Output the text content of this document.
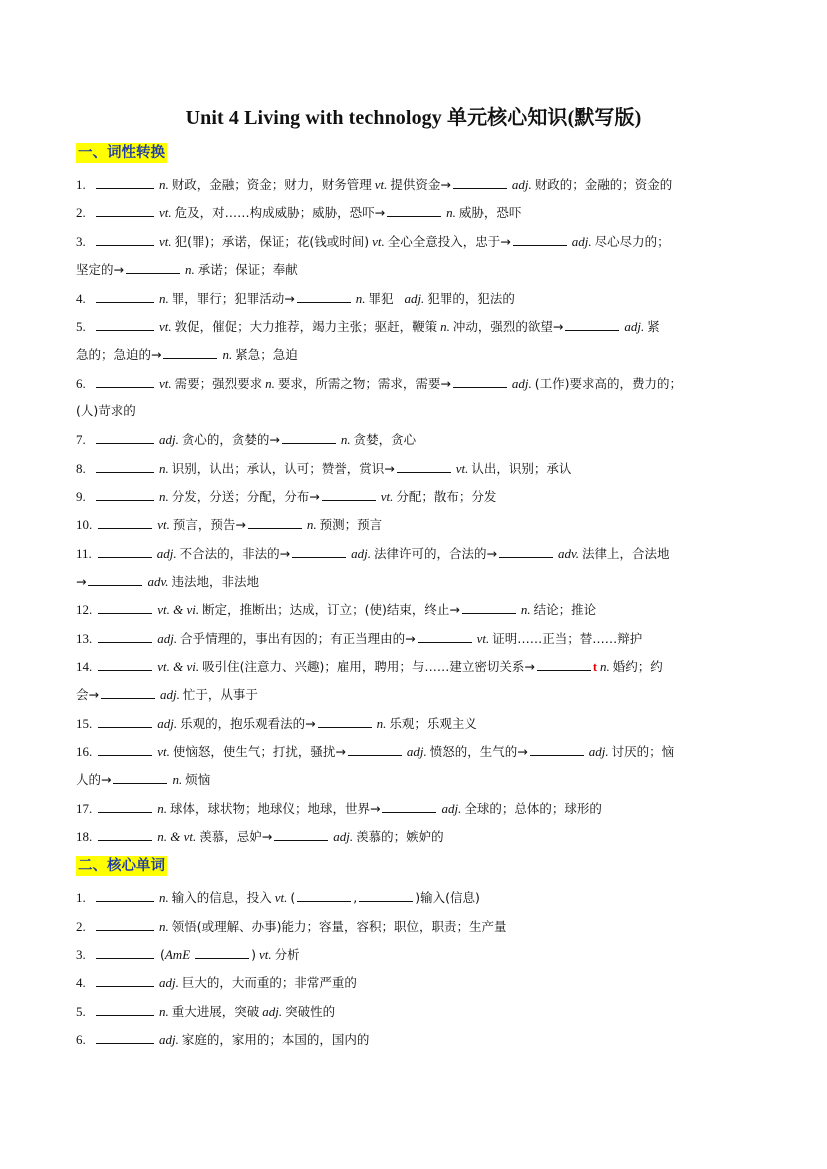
Unit 4 Living with technology 单元核心知识(默写版)
一、词性转换
1.	n. 财政，金融；资金；财力，财务管理 vt. 提供资金→	adj. 财政的；金融的；资金的
2.	vt. 危及，对……构成威胁；威胁，恐吓→	n. 威胁，恐吓
3.	vt. 犯(罪)；承诺，保证；花(钱或时间) vt. 全心全意投入，忠于→	adj. 尽心尽力的；
坚定的→	n. 承诺；保证；奉献
4.	n. 罪，罪行；犯罪活动→	n. 罪犯 adj. 犯罪的，犯法的
5.	vt. 敦促，催促；大力推荐，竭力主张；驱赶，鞭策 n. 冲动，强烈的欲望→	adj. 紧
急的；急迫的→	n. 紧急；急迫
6.	vt. 需要；强烈要求 n. 要求，所需之物；需求，需要→	adj. (工作)要求高的，费力的；
(人)苛求的
7.	adj. 贪心的，贪婪的→	n. 贪婪，贪心
8.	n. 识别，认出；承认，认可；赞誉，赏识→	vt. 认出，识别；承认
9.	n. 分发，分送；分配，分布→	vt. 分配；散布；分发
10.	vt. 预言，预告→	n. 预测；预言
11.	adj. 不合法的，非法的→	adj. 法律许可的，合法的→	adv. 法律上，合法地
→	adv. 违法地，非法地
12.	vt. & vi. 断定，推断出；达成，订立；(使)结束，终止→	n. 结论；推论
13.	adj. 合乎情理的，事出有因的；有正当理由的→	vt. 证明……正当；替……辩护
14.	vt. & vi. 吸引住(注意力、兴趣)；雇用，聘用；与……建立密切关系→	t n. 婚约；约
会→	adj. 忙于，从事于
15.	adj. 乐观的，抱乐观看法的→	n. 乐观；乐观主义
16.	vt. 使恼怒，使生气；打扰，骚扰→	adj. 愤怒的，生气的→	adj. 讨厌的；恼
人的→	n. 烦恼
17.	n. 球体，球状物；地球仪；地球，世界→	adj. 全球的；总体的；球形的
18.	n. & vt. 羡慕，忌妒→	adj. 羡慕的；嫉妒的
二、核心单词
1.	n. 输入的信息，投入 vt. (	,	)输入(信息)
2.	n. 领悟(或理解、办事)能力；容量，容积；职位，职责；生产量
3.	(AmE	) vt. 分析
4.	adj. 巨大的，大而重的；非常严重的
5.	n. 重大进展，突破 adj. 突破性的
6.	adj. 家庭的，家用的；本国的，国内的
